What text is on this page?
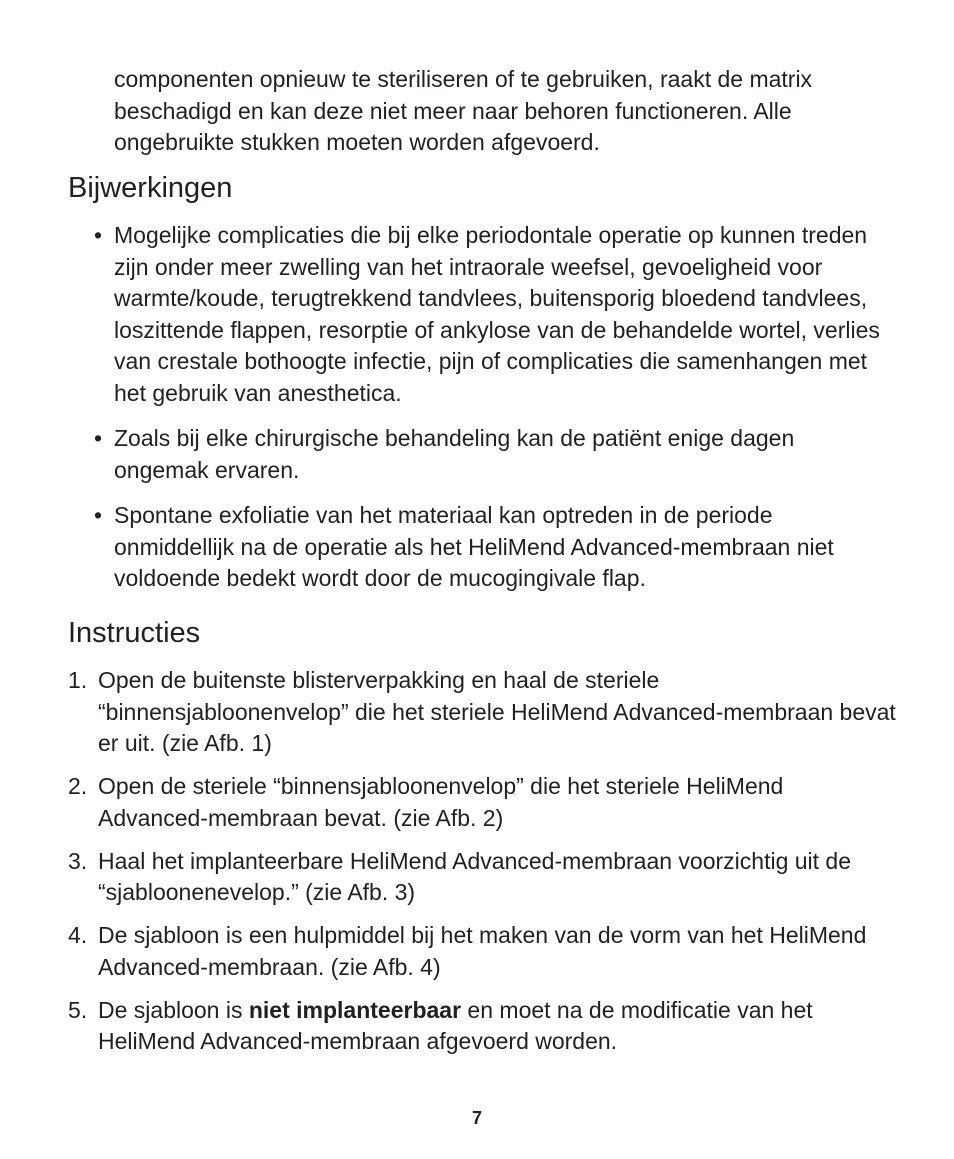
componenten opnieuw te steriliseren of te gebruiken, raakt de matrix beschadigd en kan deze niet meer naar behoren functioneren. Alle ongebruikte stukken moeten worden afgevoerd.

Bijwerkingen
• Mogelijke complicaties die bij elke periodontale operatie op kunnen treden zijn onder meer zwelling van het intraorale weefsel, gevoeligheid voor warmte/koude, terugtrekkend tandvlees, buitensporig bloedend tandvlees, loszittende flappen, resorptie of ankylose van de behandelde wortel, verlies van crestale bothoogte infectie, pijn of complicaties die samenhangen met het gebruik van anesthetica.
• Zoals bij elke chirurgische behandeling kan de patiënt enige dagen ongemak ervaren.
• Spontane exfoliatie van het materiaal kan optreden in de periode onmiddellijk na de operatie als het HeliMend Advanced-membraan niet voldoende bedekt wordt door de mucogingivale flap.
Instructies
1. Open de buitenste blisterverpakking en haal de steriele “binnensjabloonenvelop” die het steriele HeliMend Advanced-membraan bevat er uit. (zie Afb. 1)
2. Open de steriele “binnensjabloonenvelop” die het steriele HeliMend Advanced-membraan bevat. (zie Afb. 2)
3. Haal het implanteerbare HeliMend Advanced-membraan voorzichtig uit de “sjabloonenevelop.” (zie Afb. 3)
4. De sjabloon is een hulpmiddel bij het maken van de vorm van het HeliMend Advanced-membraan. (zie Afb. 4)
5. De sjabloon is niet implanteerbaar en moet na de modificatie van het HeliMend Advanced-membraan afgevoerd worden.
7
